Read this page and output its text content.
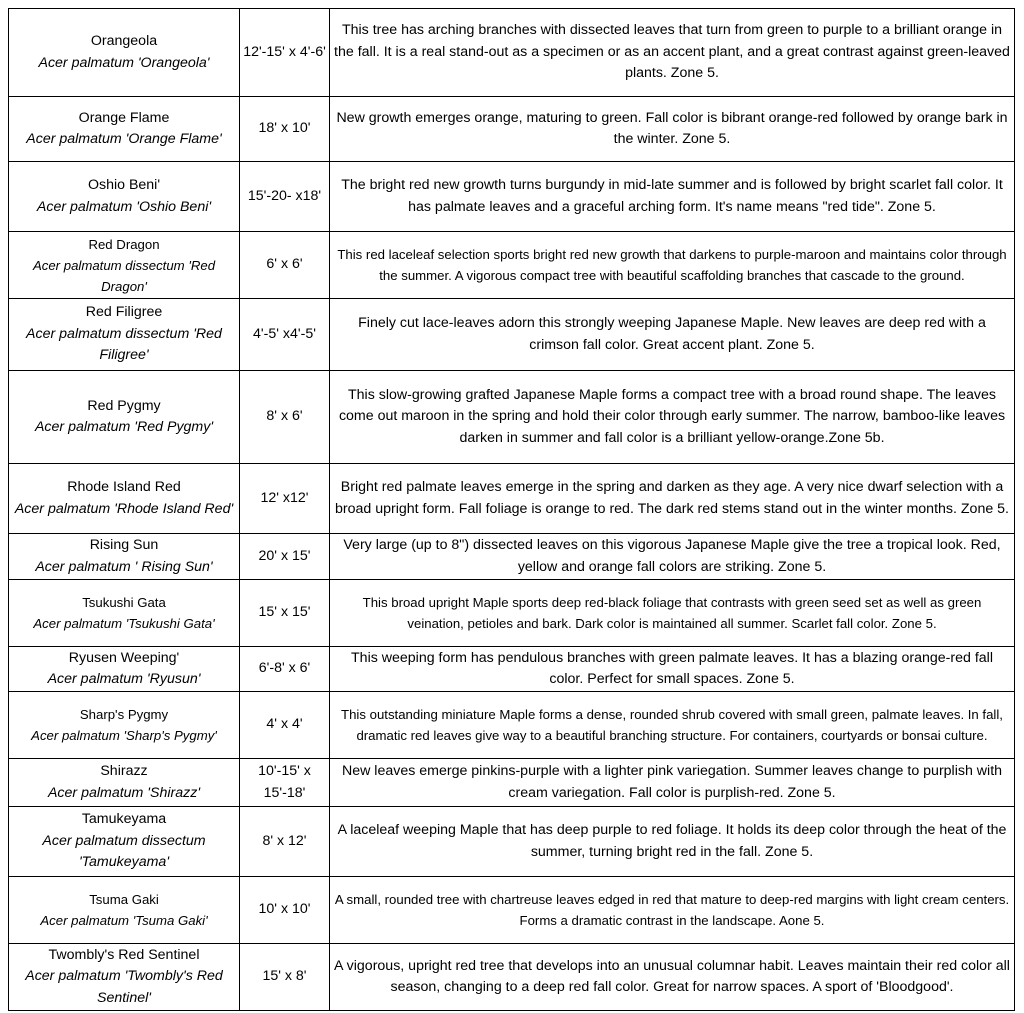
Orangeola
Acer palmatum 'Orangeola'	12'-15' x 4'-6'	This tree has arching branches with dissected leaves that turn from green to purple to a brilliant orange in the fall. It is a real stand-out as a specimen or as an accent plant, and a great contrast against green-leaved plants. Zone 5.

Orange Flame
Acer palmatum 'Orange Flame'	18' x 10'	New growth emerges orange, maturing to green. Fall color is bibrant orange-red followed by orange bark in the winter. Zone 5.

Oshio Beni'
Acer palmatum 'Oshio Beni'	15'-20- x18'	The bright red new growth turns burgundy in mid-late summer and is followed by bright scarlet fall color. It has palmate leaves and a graceful arching form. It's name means "red tide". Zone 5.

Red Dragon
Acer palmatum dissectum 'Red Dragon'	6' x 6'	This red laceleaf selection sports bright red new growth that darkens to purple-maroon and maintains color through the summer. A vigorous compact tree with beautiful scaffolding branches that cascade to the ground.

Red Filigree
Acer palmatum dissectum 'Red Filigree'	4'-5' x4'-5'	Finely cut lace-leaves adorn this strongly weeping Japanese Maple. New leaves are deep red with a crimson fall color. Great accent plant. Zone 5.

Red Pygmy
Acer palmatum 'Red Pygmy'	8' x 6'	This slow-growing grafted Japanese Maple forms a compact tree with a broad round shape. The leaves come out maroon in the spring and hold their color through early summer. The narrow, bamboo-like leaves darken in summer and fall color is a brilliant yellow-orange.Zone 5b.

Rhode Island Red
Acer palmatum 'Rhode Island Red'	12' x12'	Bright red palmate leaves emerge in the spring and darken as they age. A very nice dwarf selection with a broad upright form. Fall foliage is orange to red. The dark red stems stand out in the winter months. Zone 5.

Rising Sun
Acer palmatum ' Rising Sun'	20' x 15'	Very large (up to 8") dissected leaves on this vigorous Japanese Maple give the tree a tropical look. Red, yellow and orange fall colors are striking. Zone 5.

Tsukushi Gata
Acer palmatum 'Tsukushi Gata'	15' x 15'	This broad upright Maple sports deep red-black foliage that contrasts with green seed set as well as green veination, petioles and bark. Dark color is maintained all summer. Scarlet fall color. Zone 5.

Ryusen Weeping'
Acer palmatum 'Ryusun'	6'-8' x 6'	This weeping form has pendulous branches with green palmate leaves. It has a blazing orange-red fall color. Perfect for small spaces. Zone 5.

Sharp's Pygmy
Acer palmatum 'Sharp's Pygmy'	4' x 4'	This outstanding miniature Maple forms a dense, rounded shrub covered with small green, palmate leaves. In fall, dramatic red leaves give way to a beautiful branching structure. For containers, courtyards or bonsai culture.

Shirazz
Acer palmatum 'Shirazz'	10'-15' x 15'-18'	New leaves emerge pinkins-purple with a lighter pink variegation. Summer leaves change to purplish with cream variegation. Fall color is purplish-red. Zone 5.

Tamukeyama
Acer palmatum dissectum 'Tamukeyama'	8' x 12'	A laceleaf weeping Maple that has deep purple to red foliage. It holds its deep color through the heat of the summer, turning bright red in the fall. Zone 5.

Tsuma Gaki
Acer palmatum 'Tsuma Gaki'	10' x 10'	A small, rounded tree with chartreuse leaves edged in red that mature to deep-red margins with light cream centers. Forms a dramatic contrast in the landscape. Aone 5.

Twombly's Red Sentinel
Acer palmatum 'Twombly's Red Sentinel'	15' x 8'	A vigorous, upright red tree that develops into an unusual columnar habit. Leaves maintain their red color all season, changing to a deep red fall color. Great for narrow spaces. A sport of 'Bloodgood'.
